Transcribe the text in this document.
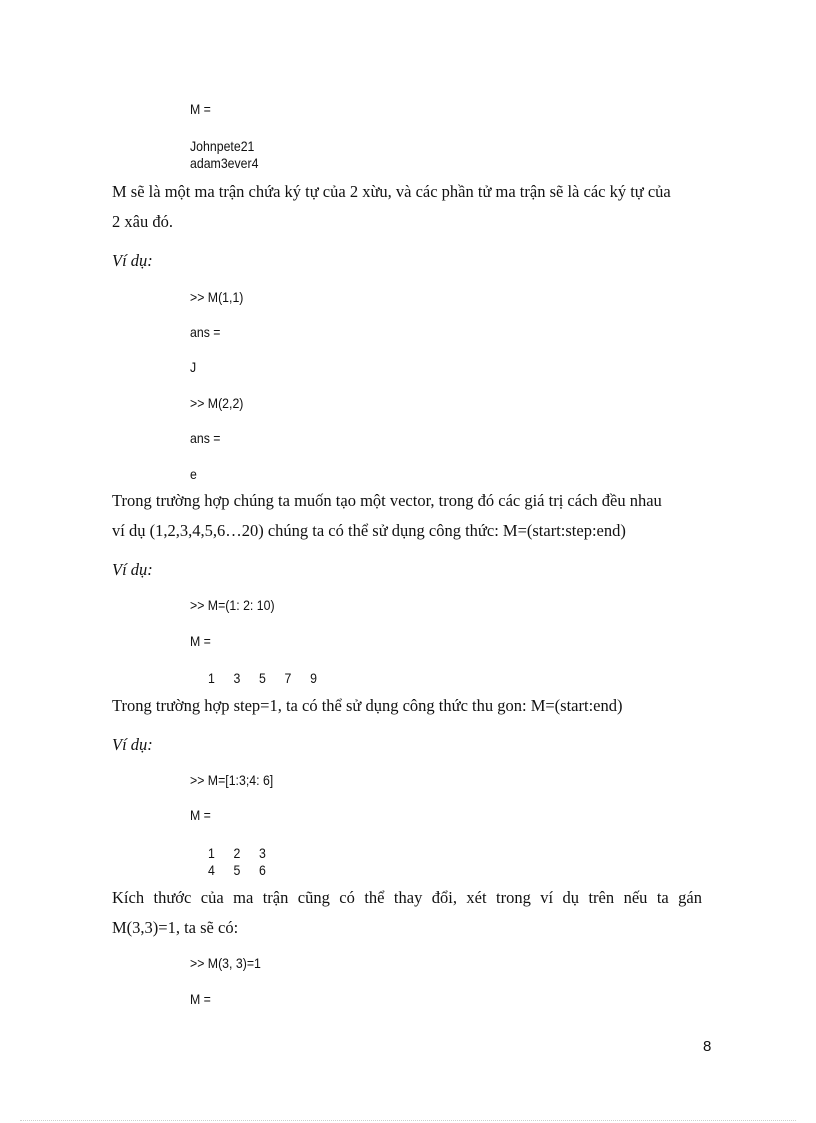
M =
Johnpete21
adam3ever4
M sẽ là một ma trận chứa ký tự của 2 xừu, và các phần tử ma trận sẽ là các ký tự của
2 xâu đó.
Ví dụ:
>> M(1,1)
ans =
J
>> M(2,2)
ans =
e
Trong trường hợp chúng ta muốn tạo một vector, trong đó các giá trị cách đều nhau
ví dụ (1,2,3,4,5,6…20) chúng ta có thể sử dụng công thức: M=(start:step:end)
Ví dụ:
>> M=(1: 2: 10)
M =
1	3	5	7	9
Trong trường hợp step=1, ta có thể sử dụng công thức thu gon: M=(start:end)
Ví dụ:
>> M=[1:3;4: 6]
M =
1	2	3
4	5	6
Kích thước của ma trận cũng có thể thay đổi, xét trong ví dụ trên nếu ta gán
M(3,3)=1, ta sẽ có:
>> M(3, 3)=1
M =
8
